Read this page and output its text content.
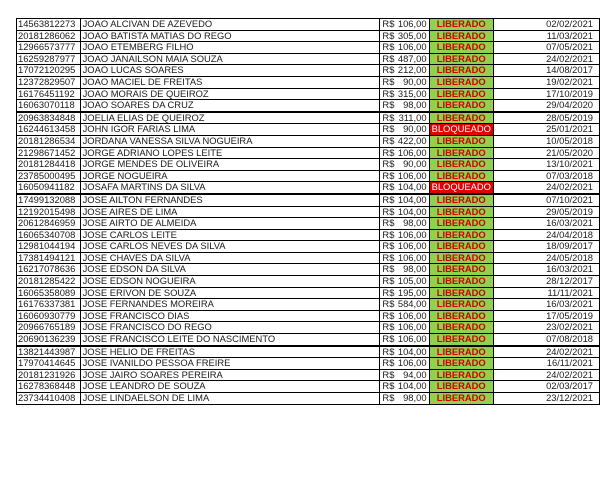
14563812273	JOAO ALCIVAN DE AZEVEDO	R$ 106,00	LIBERADO	02/02/2021
20181286062	JOAO BATISTA MATIAS DO REGO	R$ 305,00	LIBERADO	11/03/2021
12966573777	JOAO ETEMBERG FILHO	R$ 106,00	LIBERADO	07/05/2021
16259287977	JOAO JANAILSON MAIA SOUZA	R$ 487,00	LIBERADO	24/02/2021
17072120295	JOAO LUCAS SOARES	R$ 212,00	LIBERADO	14/08/2017
12372829507	JOAO MACIEL DE FREITAS	R$ 90,00	LIBERADO	19/02/2021
16176451192	JOAO MORAIS DE QUEIROZ	R$ 315,00	LIBERADO	17/10/2019
16063070118	JOAO SOARES DA CRUZ	R$ 98,00	LIBERADO	29/04/2020
20963834848	JOELIA ELIAS DE QUEIROZ	R$ 311,00	LIBERADO	28/05/2019
16244613458	JOHN IGOR FARIAS LIMA	R$ 90,00	BLOQUEADO	25/01/2021
20181286534	JORDANA VANESSA SILVA NOGUEIRA	R$ 422,00	LIBERADO	10/05/2018
21298671452	JORGE ADRIANO LOPES LEITE	R$ 106,00	LIBERADO	21/05/2020
20181284418	JORGE MENDES DE OLIVEIRA	R$ 90,00	LIBERADO	13/10/2021
23785000495	JORGE NOGUEIRA	R$ 106,00	LIBERADO	07/03/2018
16050941182	JOSAFA MARTINS DA SILVA	R$ 104,00	BLOQUEADO	24/02/2021
17499132088	JOSE AILTON FERNANDES	R$ 104,00	LIBERADO	07/10/2021
12192015498	JOSE AIRES DE LIMA	R$ 104,00	LIBERADO	29/05/2019
20612846959	JOSE AIRTO DE ALMEIDA	R$ 98,00	LIBERADO	16/03/2021
16065340708	JOSE CARLOS LEITE	R$ 106,00	LIBERADO	24/04/2018
12981044194	JOSE CARLOS NEVES DA SILVA	R$ 106,00	LIBERADO	18/09/2017
17381494121	JOSE CHAVES DA SILVA	R$ 106,00	LIBERADO	24/05/2018
16217078636	JOSE EDSON DA SILVA	R$ 98,00	LIBERADO	16/03/2021
20181285422	JOSE EDSON NOGUEIRA	R$ 105,00	LIBERADO	28/12/2017
16065358089	JOSE ERIVON DE SOUZA	R$ 195,00	LIBERADO	11/11/2021
16176337381	JOSE FERNANDES MOREIRA	R$ 584,00	LIBERADO	16/03/2021
16060930779	JOSE FRANCISCO DIAS	R$ 106,00	LIBERADO	17/05/2019
20966765189	JOSE FRANCISCO DO REGO	R$ 106,00	LIBERADO	23/02/2021
20690136239	JOSE FRANCISCO LEITE DO NASCIMENTO	R$ 106,00	LIBERADO	07/08/2018
13821443987	JOSE HELIO DE FREITAS	R$ 104,00	LIBERADO	24/02/2021
17970414645	JOSE IVANILDO PESSOA FREIRE	R$ 106,00	LIBERADO	16/11/2021
20181231926	JOSE JAIRO SOARES PEREIRA	R$ 94,00	LIBERADO	24/02/2021
16278368448	JOSE LEANDRO DE SOUZA	R$ 104,00	LIBERADO	02/03/2017
23734410408	JOSE LINDAELSON DE LIMA	R$ 98,00	LIBERADO	23/12/2021
